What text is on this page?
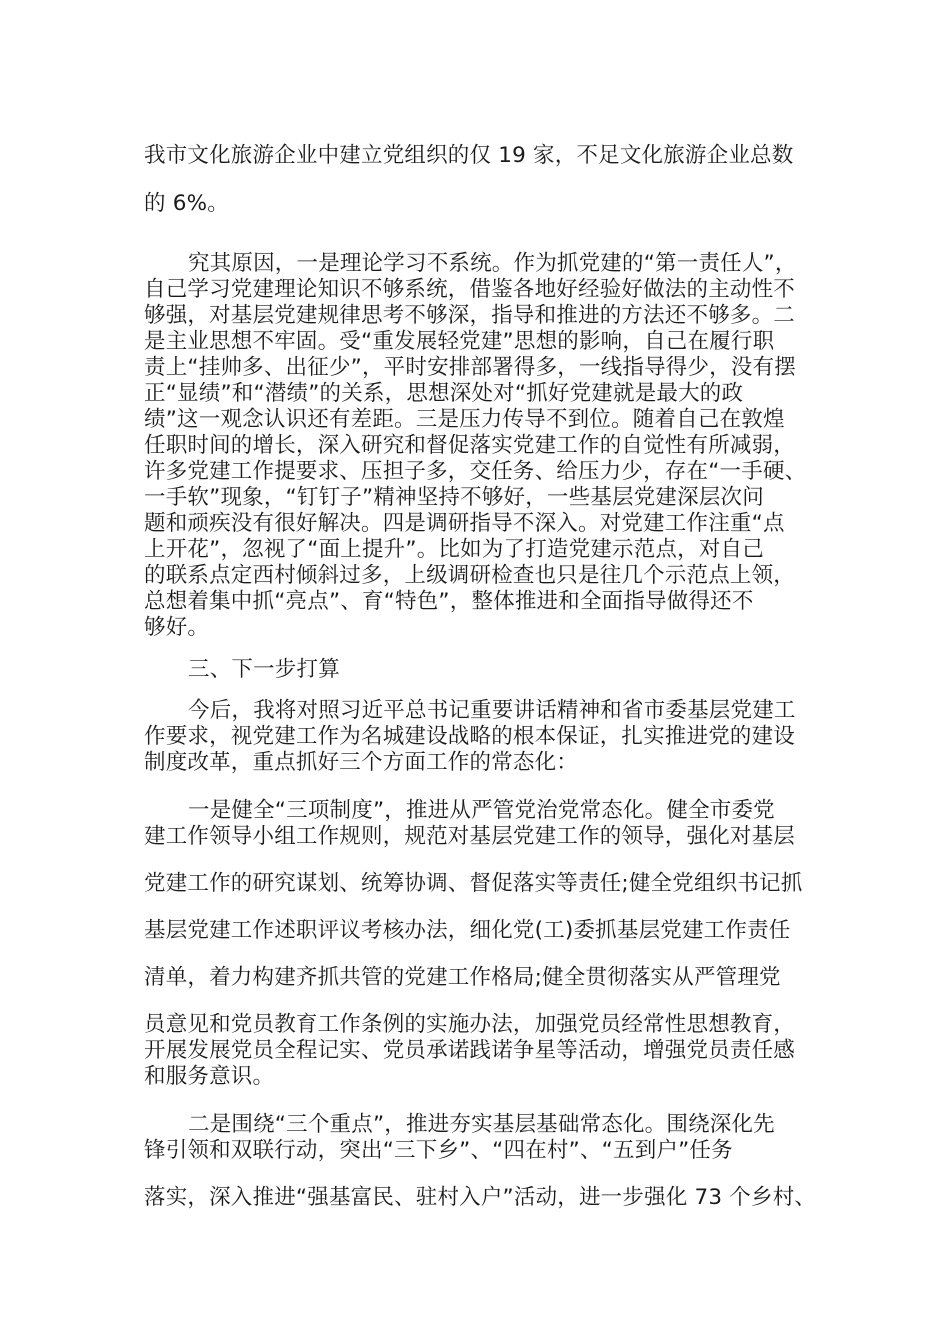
我市文化旅游企业中建立党组织的仅 19 家，不足文化旅游企业总数
的 6%。
究其原因，一是理论学习不系统。作为抓党建的“第一责任人”，
自己学习党建理论知识不够系统，借鉴各地好经验好做法的主动性不
够强，对基层党建规律思考不够深，指导和推进的方法还不够多。二
是主业思想不牢固。受“重发展轻党建”思想的影响，自己在履行职
责上“挂帅多、出征少”，平时安排部署得多，一线指导得少，没有摆
正“显绩”和“潜绩”的关系，思想深处对“抓好党建就是最大的政
绩”这一观念认识还有差距。三是压力传导不到位。随着自己在敦煌
任职时间的增长，深入研究和督促落实党建工作的自觉性有所减弱，
许多党建工作提要求、压担子多，交任务、给压力少，存在“一手硬、
一手软”现象，“钉钉子”精神坚持不够好，一些基层党建深层次问
题和顽疾没有很好解决。四是调研指导不深入。对党建工作注重“点
上开花”，忽视了“面上提升”。比如为了打造党建示范点，对自己
的联系点定西村倾斜过多，上级调研检查也只是往几个示范点上领，
总想着集中抓“亮点”、育“特色”，整体推进和全面指导做得还不
够好。
三、下一步打算
今后，我将对照习近平总书记重要讲话精神和省市委基层党建工
作要求，视党建工作为名城建设战略的根本保证，扎实推进党的建设
制度改革，重点抓好三个方面工作的常态化：
一是健全“三项制度”，推进从严管党治党常态化。健全市委党
建工作领导小组工作规则，规范对基层党建工作的领导，强化对基层
党建工作的研究谋划、统筹协调、督促落实等责任;健全党组织书记抓
基层党建工作述职评议考核办法，细化党(工)委抓基层党建工作责任
清单，着力构建齐抓共管的党建工作格局;健全贯彻落实从严管理党
员意见和党员教育工作条例的实施办法，加强党员经常性思想教育，
开展发展党员全程记实、党员承诺践诺争星等活动，增强党员责任感
和服务意识。
二是围绕“三个重点”，推进夯实基层基础常态化。围绕深化先
锋引领和双联行动，突出“三下乡”、“四在村”、“五到户”任务
落实，深入推进“强基富民、驻村入户”活动，进一步强化 73 个乡村、
